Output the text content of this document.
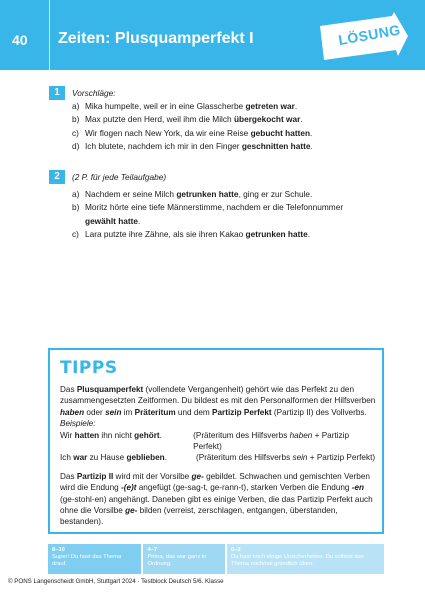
40	Zeiten: Plusquamperfekt I	LÖSUNG
1	Vorschläge:
a) Mika humpelte, weil er in eine Glasscherbe getreten war.
b) Max putzte den Herd, weil ihm die Milch übergekocht war.
c) Wir flogen nach New York, da wir eine Reise gebucht hatten.
d) Ich blutete, nachdem ich mir in den Finger geschnitten hatte.
2	(2 P. für jede Teilaufgabe)
a) Nachdem er seine Milch getrunken hatte, ging er zur Schule.
b) Moritz hörte eine tiefe Männerstimme, nachdem er die Telefonnummer
gewählt hatte.
c) Lara putzte ihre Zähne, als sie ihren Kakao getrunken hatte.
TIPPS

Das Plusquamperfekt (vollendete Vergangenheit) gehört wie das Perfekt zu den zusammengesetzten Zeitformen. Du bildest es mit den Personalformen der Hilfsverben haben oder sein im Präteritum und dem Partizip Perfekt (Partizip II) des Vollverbs.

Beispiele:

Wir hatten ihn nicht gehört.	(Präteritum des Hilfsverbs haben + Partizip Perfekt)
Ich war zu Hause geblieben.	(Präteritum des Hilfsverbs sein + Partizip Perfekt)

Das Partizip II wird mit der Vorsilbe ge- gebildet. Schwachen und gemischten Verben wird die Endung -(e)t angefügt (ge-sag-t, ge-rann-t), starken Verben die Endung -en (ge-stohl-en) angehängt. Daneben gibt es einige Verben, die das Partizip Perfekt auch ohne die Vorsilbe ge- bilden (verreist, zerschlagen, entgangen, überstanden, bestanden).

8–10
Super! Du hast das Thema drauf.
4–7
Prima, das war ganz in Ordnung.
0–3
Du hast noch einige Unsicherheiten. Du solltest das Thema nochmal gründlich üben.
© PONS Langenscheidt GmbH, Stuttgart 2024 · Testblock Deutsch 5/6. Klasse
